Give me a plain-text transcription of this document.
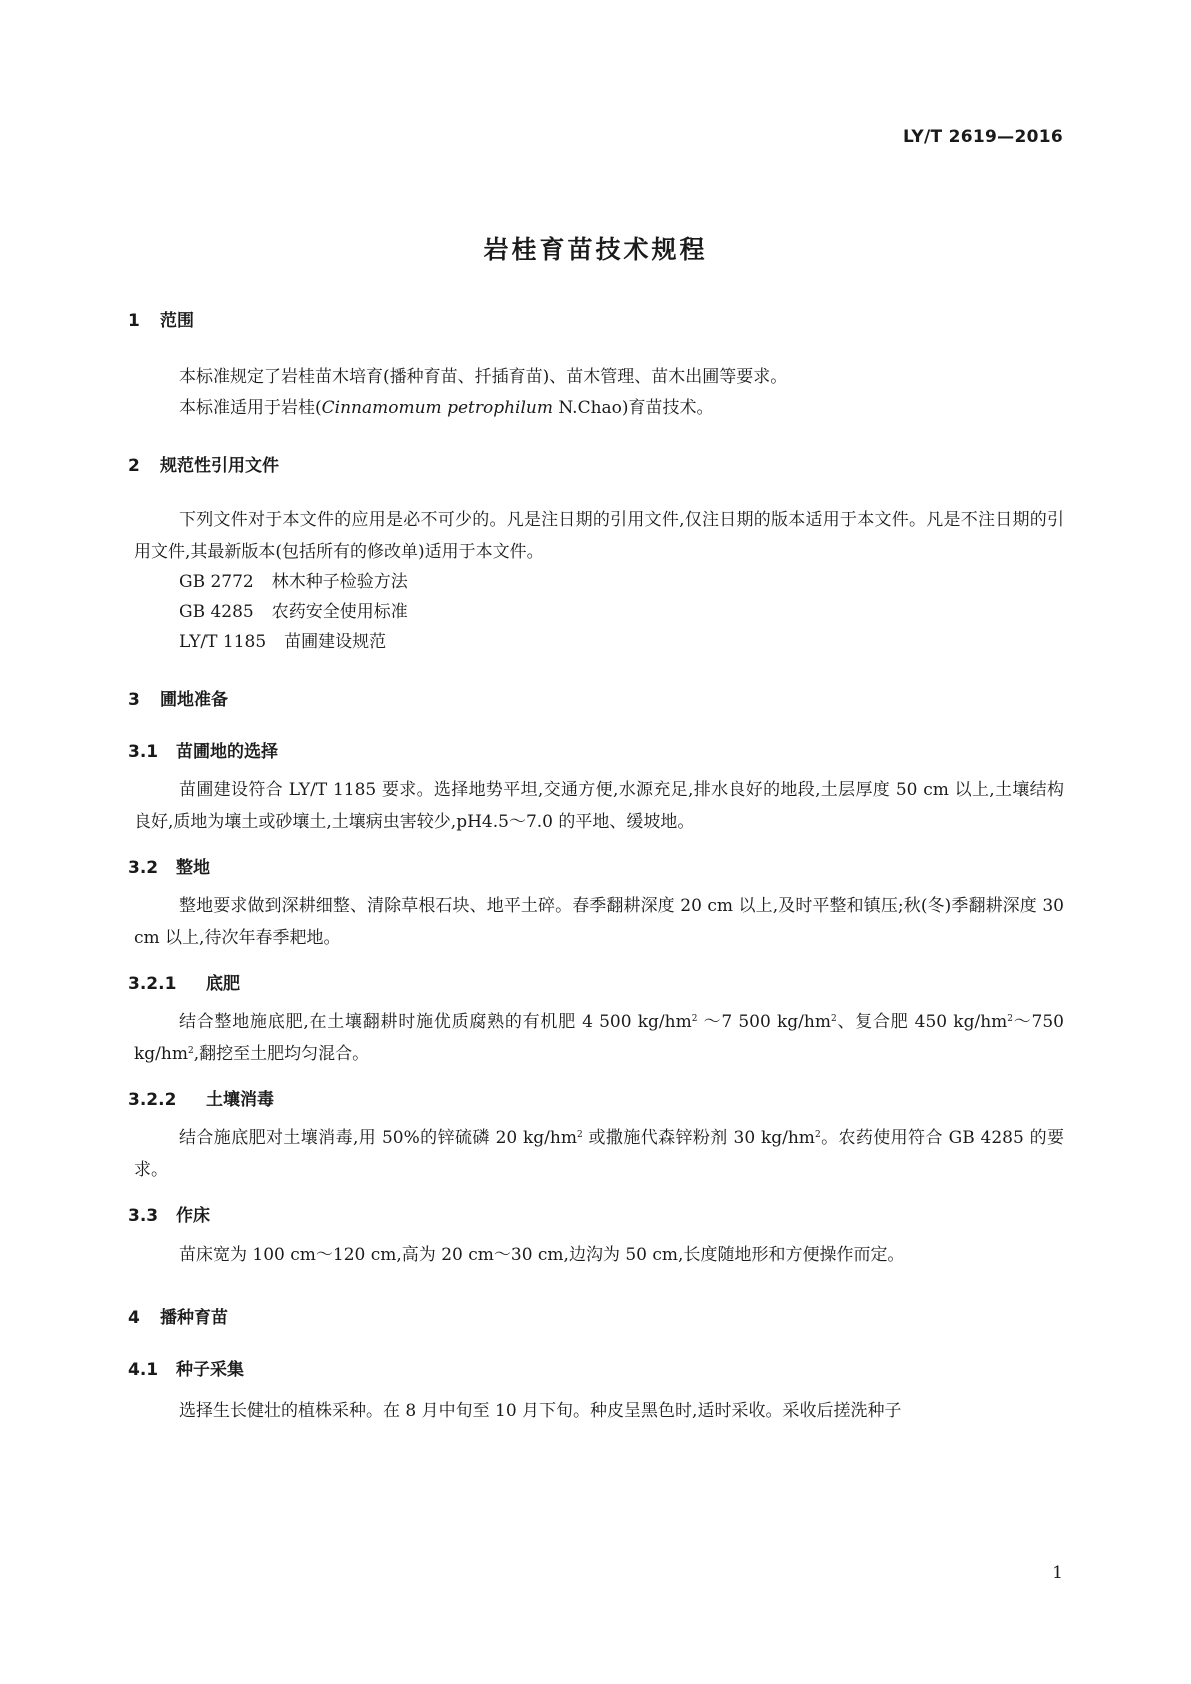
LY/T 2619—2016
岩桂育苗技术规程
1 范围

本标准规定了岩桂苗木培育(播种育苗、扦插育苗)、苗木管理、苗木出圃等要求。

本标准适用于岩桂(Cinnamomum petrophilum N.Chao)育苗技术。

2 规范性引用文件

下列文件对于本文件的应用是必不可少的。凡是注日期的引用文件,仅注日期的版本适用于本文件。凡是不注日期的引用文件,其最新版本(包括所有的修改单)适用于本文件。

GB 2772 林木种子检验方法

GB 4285 农药安全使用标准

LY/T 1185 苗圃建设规范

3 圃地准备
3.1 苗圃地的选择

苗圃建设符合 LY/T 1185 要求。选择地势平坦,交通方便,水源充足,排水良好的地段,土层厚度 50 cm 以上,土壤结构良好,质地为壤土或砂壤土,土壤病虫害较少,pH4.5～7.0 的平地、缓坡地。

3.2 整地

整地要求做到深耕细整、清除草根石块、地平土碎。春季翻耕深度 20 cm 以上,及时平整和镇压;秋(冬)季翻耕深度 30 cm 以上,待次年春季耙地。

3.2.1 底肥

结合整地施底肥,在土壤翻耕时施优质腐熟的有机肥 4 500 $kg/hm^2$ ～7 500 $kg/hm^2$、复合肥 450 $kg/hm^2\sim 750$ $kg/hm^2$,翻挖至土肥均匀混合。

3.2.2 土壤消毒

结合施底肥对土壤消毒,用 50%的锌硫磷 20 $kg/hm^2$ 或撒施代森锌粉剂 30 $kg/hm^2$。农药使用符合 GB 4285 的要求。

3.3 作床

苗床宽为 100 cm～120 cm,高为 20 cm～30 cm,边沟为 50 cm,长度随地形和方便操作而定。

4 播种育苗
4.1 种子采集

选择生长健壮的植株采种。在 8 月中旬至 10 月下旬。种皮呈黑色时,适时采收。采收后搓洗种子

1
